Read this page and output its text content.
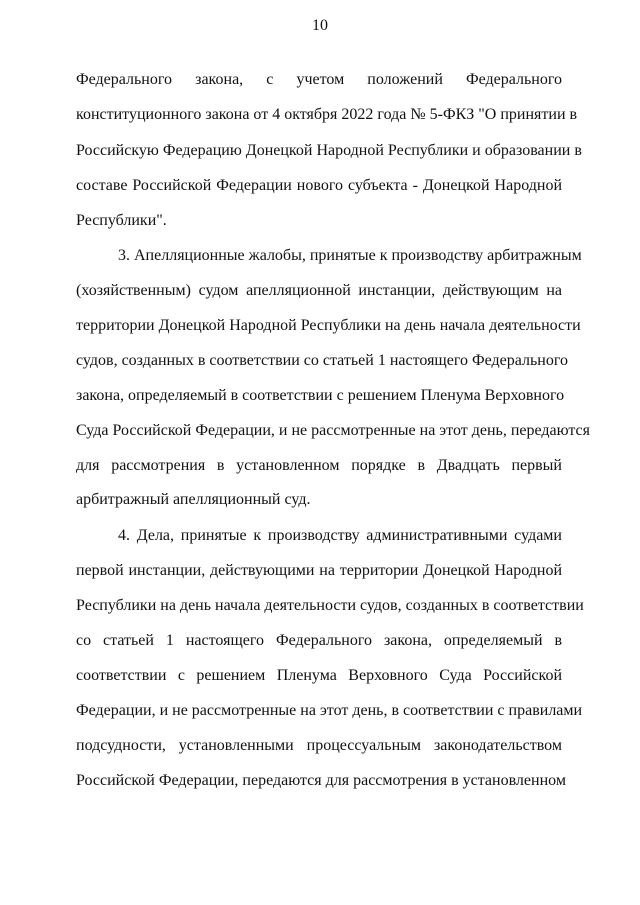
10
Федерального закона, с учетом положений Федерального
конституционного закона от 4 октября 2022 года № 5-ФКЗ "О принятии в
Российскую Федерацию Донецкой Народной Республики и образовании в
составе Российской Федерации нового субъекта - Донецкой Народной
Республики".
3. Апелляционные жалобы, принятые к производству арбитражным
(хозяйственным) судом апелляционной инстанции, действующим на
территории Донецкой Народной Республики на день начала деятельности
судов, созданных в соответствии со статьей 1 настоящего Федерального
закона, определяемый в соответствии с решением Пленума Верховного
Суда Российской Федерации, и не рассмотренные на этот день, передаются
для рассмотрения в установленном порядке в Двадцать первый
арбитражный апелляционный суд.
4. Дела, принятые к производству административными судами
первой инстанции, действующими на территории Донецкой Народной
Республики на день начала деятельности судов, созданных в соответствии
со статьей 1 настоящего Федерального закона, определяемый в
соответствии с решением Пленума Верховного Суда Российской
Федерации, и не рассмотренные на этот день, в соответствии с правилами
подсудности, установленными процессуальным законодательством
Российской Федерации, передаются для рассмотрения в установленном
